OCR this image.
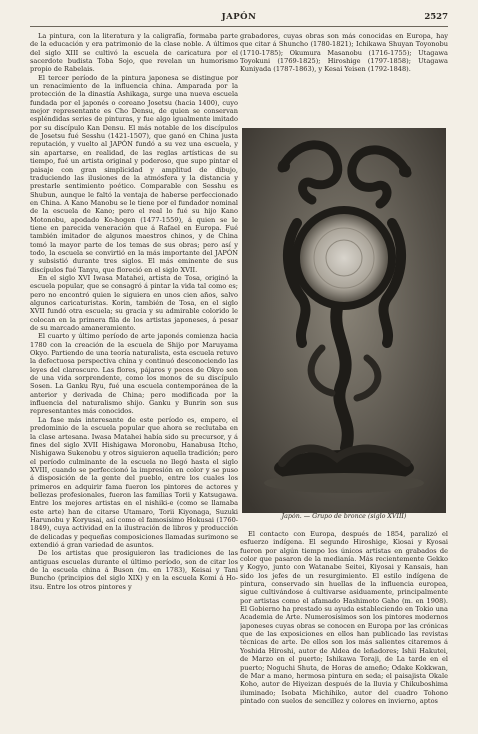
JAPÓN	2527

La pintura, con la literatura y la caligrafía, formaba parte de la educación y era patrimonio de la clase noble. A últimos del siglo XIII se cultivó la escuela de caricatura por el sacerdote budista Toba Sojo, que revelan un humorismo propio de Rabelais.

El tercer período de la pintura japonesa se distingue por un renacimiento de la influencia china. Amparada por la protección de la dinastía Ashikaga, surge una nueva escuela fundada por el japonés o coreano Josetsu (hacia 1400), cuyo mejor representante es Cho Densu, de quien se conservan espléndidas series de pinturas, y fue algo igualmente imitado por su discípulo Kan Densu. El más notable de los discípulos de Josetsu fué Sesshu (1421-1507), que ganó en China justa reputación, y vuelto al JAPÓN fundó a su vez una escuela, y sin apartarse, en realidad, de las reglas artísticas de su tiempo, fué un artista original y poderoso, que supo pintar el paisaje con gran simplicidad y amplitud de dibujo, traduciendo las ilusiones de la atmósfera y la distancia y prestarle sentimiento poético. Comparable con Sesshu es Shubun, aunque le faltó la ventaja de haberse perfeccionado en China. A Kano Manobu se le tiene por el fundador nominal de la escuela de Kano; pero el real lo fué su hijo Kano Motonobu, apodado Ko-hogen (1477-1559), á quien se le tiene en parecida veneración que á Rafael en Europa. Fué también imitador de algunos maestros chinos, y de China tomó la mayor parte de los temas de sus obras; pero así y todo, la escuela se convirtió en la más importante del JAPÓN y subsistió durante tres siglos. El más eminente de sus discípulos fué Tanyu, que floreció en el siglo XVII.

En el siglo XVI Iwasa Matahei, artista de Tosa, originó la escuela popular, que se consagró á pintar la vida tal como es; pero no encontró quien le siguiera en unos cien años, salvo algunos caricaturistas. Korin, también de Tosa, en el siglo XVII fundó otra escuela; su gracia y su admirable colorido le colocan en la primera fila de los artistas japoneses, á pesar de su marcado amaneramiento.

El cuarto y último período de arte japonés comienza hacia 1780 con la creación de la escuela de Shijo por Maruyama Okyo. Partiendo de una teoría naturalista, esta escuela retuvo la defectuosa perspectiva china y continuó desconociendo las leyes del claroscuro. Las flores, pájaros y peces de Okyo son de una vida sorprendente, como los monos de su discípulo Sosen. La Ganku Ryu, fué una escuela contemporánea de la anterior y derivada de China; pero modificada por la influencia del naturalismo shijo. Ganku y Bunrin son sus representantes más conocidos.

La fase más interesante de este período es, empero, el predominio de la escuela popular que ahora se reclutaba en la clase artesana. Iwasa Matahei había sido su precursor, y á fines del siglo XVII Hishigawa Moronobu, Hanabusa Itcho, Nishigawa Sukenobu y otros siguieron aquella tradición; pero el período culminante de la escuela no llegó hasta el siglo XVIII, cuando se perfeccionó la impresión en color y se puso á disposición de la gente del pueblo, entre los cuales los primeros en adquirir fama fueron los pintores de actores y bellezas profesionales, fueron las familias Torii y Katsugawa. Entre los mejores artistas en el nishiki-e (como se llamaba este arte) han de citarse Utamaro, Torii Kiyonaga, Suzuki Harunobu y Koryusai, así como el famosísimo Hokusai (1760-1849), cuya actividad en la ilustración de libros y producción de delicadas y pequeñas composiciones llamadas surimono se extendió á gran variedad de asuntos.

De los artistas que prosiguieron las tradiciones de las antiguas escuelas durante el último período, son de citar los de la escuela china á Buson (m. en 1783), Keisai y Tani Buncho (principios del siglo XIX) y en la escuela Komi á Ho-itsu. Entre los otros pintores y

grabadores, cuyas obras son más conocidas en Europa, hay que citar á Shuncho (1780-1821); Ichikawa Shuyan Toyonobu (1710-1785); Okumura Masanobu (1716-1755); Utagawa Toyokuni (1769-1825); Hiroshige (1797-1858); Utagawa Kuniyada (1787-1863), y Kesai Yeisen (1792-1848).

Japón. — Grupo de bronce (siglo XVIII)

El contacto con Europa, después de 1854, paralizó el esfuerzo indígena. El segundo Hiroshige, Kiosai y Kyosai fueron por algún tiempo los únicos artistas en grabados de color que pasaron de la medianía. Más recientemente Gekko y Kogyo, junto con Watanabe Seitei, Kiyosai y Kansais, han sido los jefes de un resurgimiento. El estilo indígena de pintura, conservado sin huellas de la influencia europea, sigue cultivándose á cultivarse asiduamente, principalmente por artistas como el afamado Hashimoto Gaho (m. en 1908). El Gobierno ha prestado su ayuda estableciendo en Tokio una Academia de Arte. Numerosísimos son los pintores modernos japoneses cuyas obras se conocen en Europa por las crónicas que de las exposiciones en ellos han publicado las revistas técnicas de arte. De ellos son los más salientes citaremos á Yoshida Hiroshi, autor de Aldea de leñadores; Ishii Hakutei, de Marzo en el puerto; Ishikawa Toraji, de La tarde en el puerto; Noguchi Shuta, de Horas de ameño; Odake Kokkwan, de Mar a mano, hermosa pintura en seda; el paisajista Okale Koho, autor de Hiyeizan después de la lluvia y Chikuboshima iluminado; Isobata Michihiko, autor del cuadro Tohono pintado con suelos de sencillez y colores en invierno, aptos
